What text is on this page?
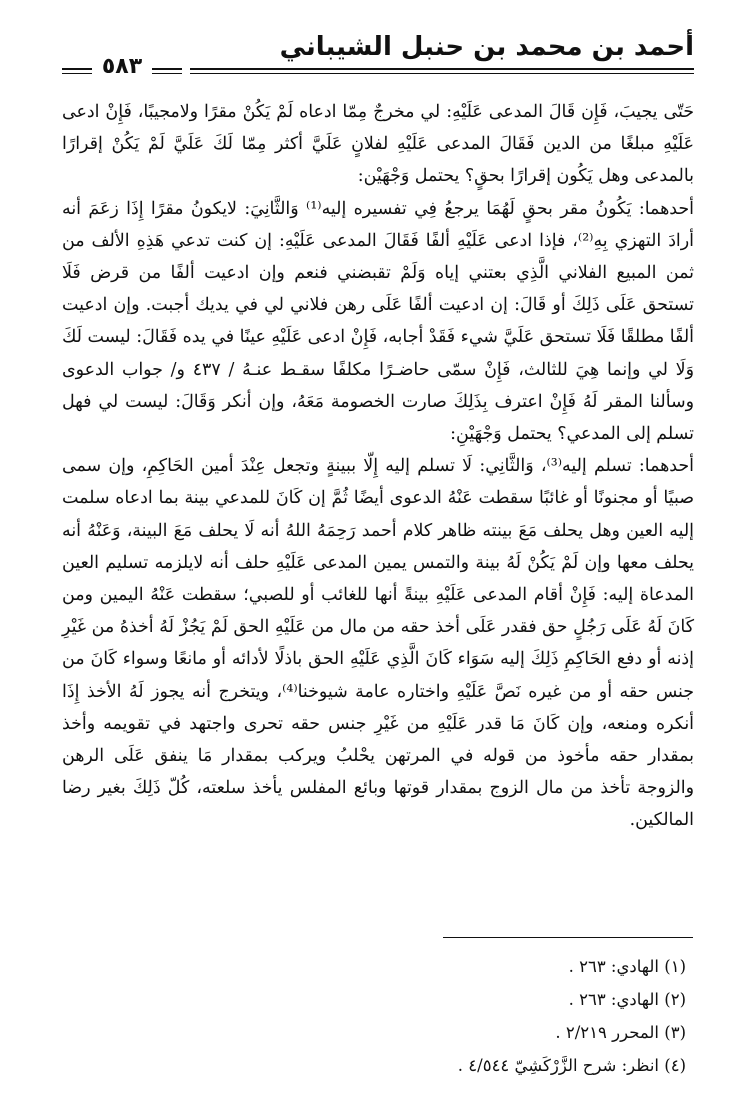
أحمد بن محمد بن حنبل الشيباني
٥٨٣

حَتّى يجيبَ، فَإِن قَالَ المدعى عَلَيْهِ: لي مخرجٌ مِمّا ادعاه لَمْ يَكُنْ مقرًا ولامجيبًا، فَإِنْ ادعى عَلَيْهِ مبلغًا من الدين فَقَالَ المدعى عَلَيْهِ لفلانٍ عَلَيَّ أكثر مِمّا لَكَ عَلَيَّ لَمْ يَكُنْ إقرارًا بالمدعى وهل يَكُون إقرارًا بحقٍ؟ يحتمل وَجْهَيْن:

أحدهما: يَكُونُ مقر بحقٍ لَهُمَا يرجعُ فِي تفسيره إليه⁽¹⁾ وَالثَّانِيَ: لايكونُ مقرًا إِذَا زعَمَ أنه أرادَ التهزي بِهِ⁽²⁾، فإذا ادعى عَلَيْهِ ألفًا فَقَالَ المدعى عَلَيْهِ: إن كنت تدعي هَذِهِ الألف من ثمن المبيع الفلاني الَّذِي بعتني إياه وَلَمْ تقبضني فنعم وإن ادعيت ألفًا من قرض فَلَا تستحق عَلَى ذَلِكَ أو قَالَ: إن ادعيت ألفًا عَلَى رهن فلاني لي في يديك أجبت. وإن ادعيت ألفًا مطلقًا فَلَا تستحق عَلَيَّ شيء فَقَدْ أجابه، فَإِنْ ادعى عَلَيْهِ عينًا في يده فَقَالَ: ليست لَكَ وَلَا لي وإنما هِيَ للثالث، فَإِنْ سمّى حاضـرًا مكلفًا سقـط عنـهُ / ٤٣٧ و/ جواب الدعوى وسألنا المقر لَهُ فَإِنْ اعترف بِذَلِكَ صارت الخصومة مَعَهُ، وإن أنكر وَقَالَ: ليست لي فهل تسلم إلى المدعي؟ يحتمل وَجْهَيْنِ:

أحدهما: تسلم إليه⁽³⁾، وَالثَّانِي: لَا تسلم إليه إِلّا ببينةٍ وتجعل عِنْدَ أمين الحَاكِمِ، وإن سمى صبيًا أو مجنونًا أو غائبًا سقطت عَنْهُ الدعوى أيضًا ثُمَّ إن كَانَ للمدعي بينة بما ادعاه سلمت إليه العين وهل يحلف مَعَ بينته ظاهر كلام أحمد رَحِمَهُ اللهُ أنه لَا يحلف مَعَ البينة، وَعَنْهُ أنه يحلف معها وإن لَمْ يَكُنْ لَهُ بينة والتمس يمين المدعى عَلَيْهِ حلف أنه لايلزمه تسليم العين المدعاة إليه: فَإِنْ أقام المدعى عَلَيْهِ بينةً أنها للغائب أو للصبي؛ سقطت عَنْهُ اليمين ومن كَانَ لَهُ عَلَى رَجُلٍ حق فقدر عَلَى أخذ حقه من مال من عَلَيْهِ الحق لَمْ يَجُزْ لَهُ أخذهُ من غَيْرِ إذنه أو دفع الحَاكِمِ ذَلِكَ إليه سَوَاء كَانَ الَّذِي عَلَيْهِ الحق باذلًا لأدائه أو مانعًا وسواء كَانَ من جنس حقه أو من غيره نَصَّ عَلَيْهِ واختاره عامة شيوخنا⁽⁴⁾، ويتخرج أنه يجوز لَهُ الأخذ إِذَا أنكره ومنعه، وإن كَانَ مَا قدر عَلَيْهِ من غَيْرِ جنس حقه تحرى واجتهد في تقويمه وأخذ بمقدار حقه مأخوذ من قوله في المرتهن يحْلبُ ويركب بمقدار مَا ينفق عَلَى الرهن والزوجة تأخذ من مال الزوج بمقدار قوتها وبائع المفلس يأخذ سلعته، كُلّ ذَلِكَ بغير رضا المالكين.

(١) الهادي: ٢٦٣ .

(٢) الهادي: ٢٦٣ .

(٣) المحرر ٢/٢١٩ .

(٤) انظر: شرح الزَّرْكَشِيّ ٤/٥٤٤ .
